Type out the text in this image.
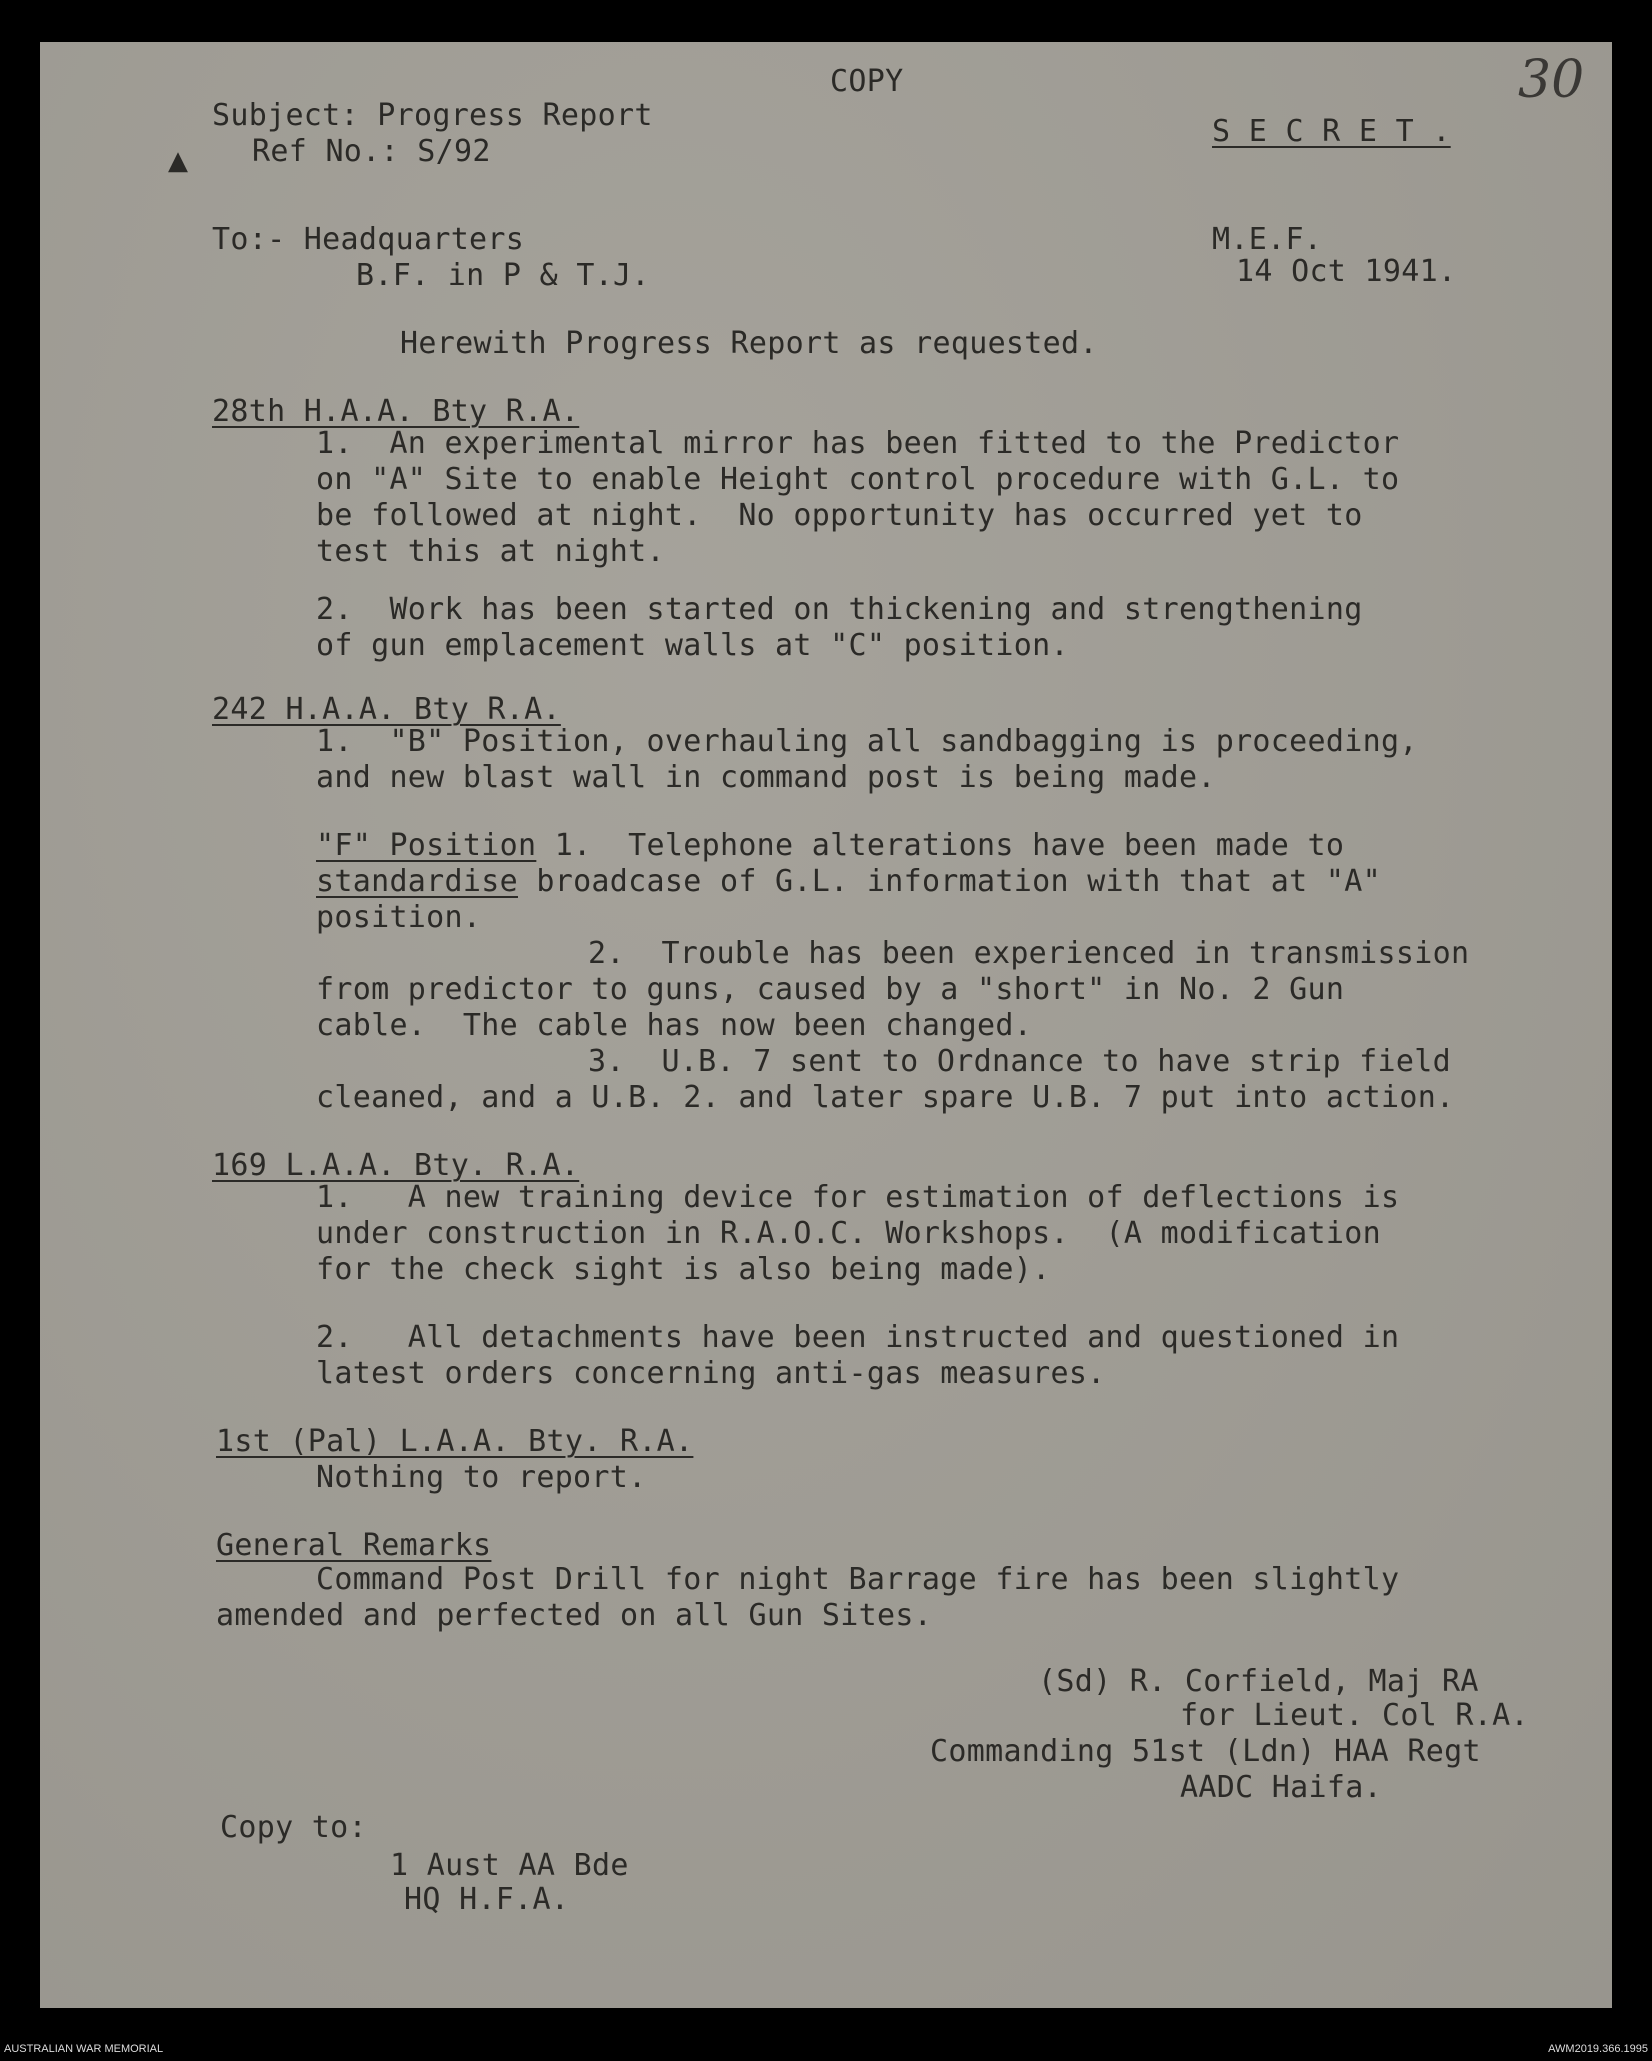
COPY	30
▲
Subject: Progress Report
Ref No.: S/92
S E C R E T .
To:- Headquarters
B.F. in P & T.J.
M.E.F.
14 Oct 1941.
Herewith Progress Report as requested.
28th H.A.A. Bty R.A.
1.  An experimental mirror has been fitted to the Predictor
on "A" Site to enable Height control procedure with G.L. to
be followed at night.  No opportunity has occurred yet to
test this at night.
2.  Work has been started on thickening and strengthening
of gun emplacement walls at "C" position.
242 H.A.A. Bty R.A.
1.  "B" Position, overhauling all sandbagging is proceeding,
and new blast wall in command post is being made.
"F" Position 1.  Telephone alterations have been made to
standardise broadcase of G.L. information with that at "A"
position.
2.  Trouble has been experienced in transmission
from predictor to guns, caused by a "short" in No. 2 Gun
cable.  The cable has now been changed.
3.  U.B. 7 sent to Ordnance to have strip field
cleaned, and a U.B. 2. and later spare U.B. 7 put into action.
169 L.A.A. Bty. R.A.
1.   A new training device for estimation of deflections is
under construction in R.A.O.C. Workshops.  (A modification
for the check sight is also being made).
2.   All detachments have been instructed and questioned in
latest orders concerning anti-gas measures.
1st (Pal) L.A.A. Bty. R.A.
Nothing to report.
General Remarks
Command Post Drill for night Barrage fire has been slightly
amended and perfected on all Gun Sites.
(Sd) R. Corfield, Maj RA
for Lieut. Col R.A.
Commanding 51st (Ldn) HAA Regt
AADC Haifa.
Copy to:
1 Aust AA Bde
HQ H.F.A.
AUSTRALIAN WAR MEMORIAL	AWM2019.366.1995
